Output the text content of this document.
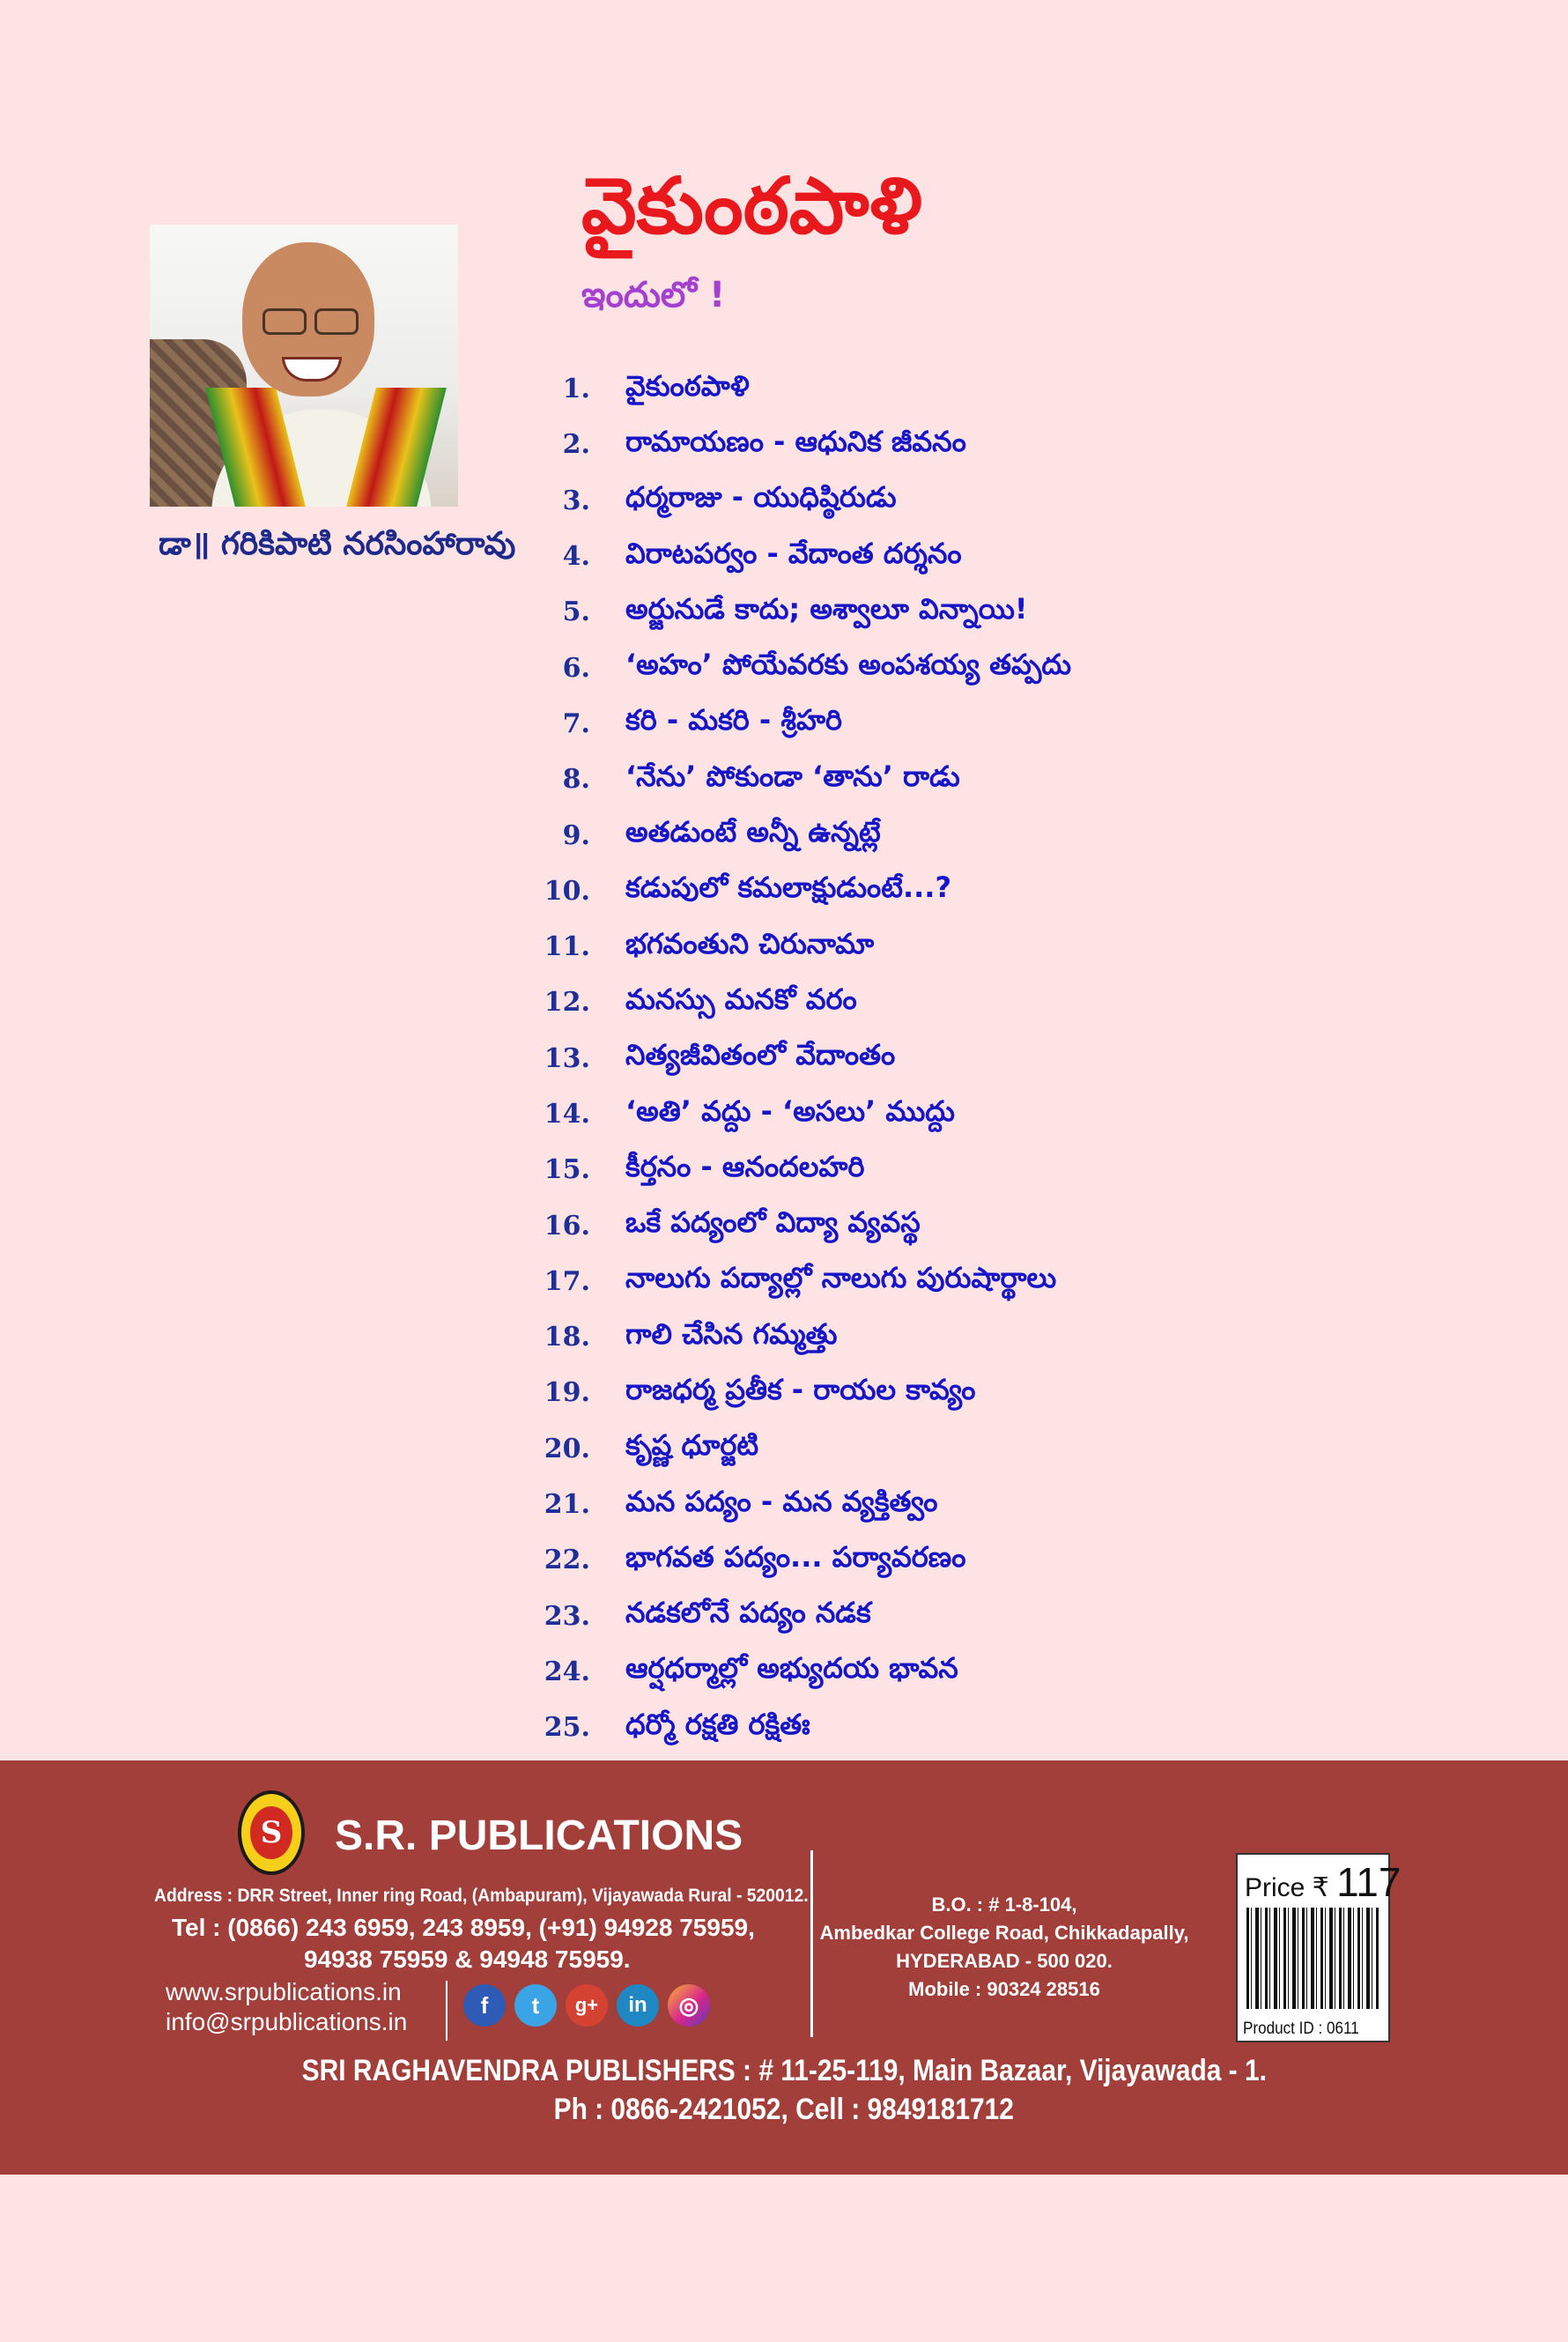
వైకుంఠపాళి
ఇందులో !
డా॥ గరికిపాటి నరసింహారావు
1. వైకుంఠపాళి
2. రామాయణం - ఆధునిక జీవనం
3. ధర్మరాజు - యుధిష్ఠిరుడు
4. విరాటపర్వం - వేదాంత దర్శనం
5. అర్జునుడే కాదు; అశ్వాలూ విన్నాయి!
6. ‘అహం’ పోయేవరకు అంపశయ్య తప్పదు
7. కరి - మకరి - శ్రీహరి
8. ‘నేను’ పోకుండా ‘తాను’ రాడు
9. అతడుంటే అన్నీ ఉన్నట్లే
10. కడుపులో కమలాక్షుడుంటే...?
11. భగవంతుని చిరునామా
12. మనస్సు మనకో వరం
13. నిత్యజీవితంలో వేదాంతం
14. ‘అతి’ వద్దు - ‘అసలు’ ముద్దు
15. కీర్తనం - ఆనందలహరి
16. ఒకే పద్యంలో విద్యా వ్యవస్థ
17. నాలుగు పద్యాల్లో నాలుగు పురుషార్థాలు
18. గాలి చేసిన గమ్మత్తు
19. రాజధర్మ ప్రతీక - రాయల కావ్యం
20. కృష్ణ ధూర్జటి
21. మన పద్యం - మన వ్యక్తిత్వం
22. భాగవత పద్యం... పర్యావరణం
23. నడకలోనే పద్యం నడక
24. ఆర్షధర్మాల్లో అభ్యుదయ భావన
25. ధర్మో రక్షతి రక్షితః
S S.R. PUBLICATIONS
Address : DRR Street, Inner ring Road, (Ambapuram), Vijayawada Rural - 520012.
Tel : (0866) 243 6959, 243 8959, (+91) 94928 75959,
94938 75959 & 94948 75959.
www.srpublications.in
info@srpublications.in
f	t	g+	in	◎
B.O. : # 1-8-104,
Ambedkar College Road, Chikkadapally,
HYDERABAD - 500 020.
Mobile : 90324 28516
Price ₹ 117
Product ID : 0611
SRI RAGHAVENDRA PUBLISHERS : # 11-25-119, Main Bazaar, Vijayawada - 1.
Ph : 0866-2421052, Cell : 9849181712
